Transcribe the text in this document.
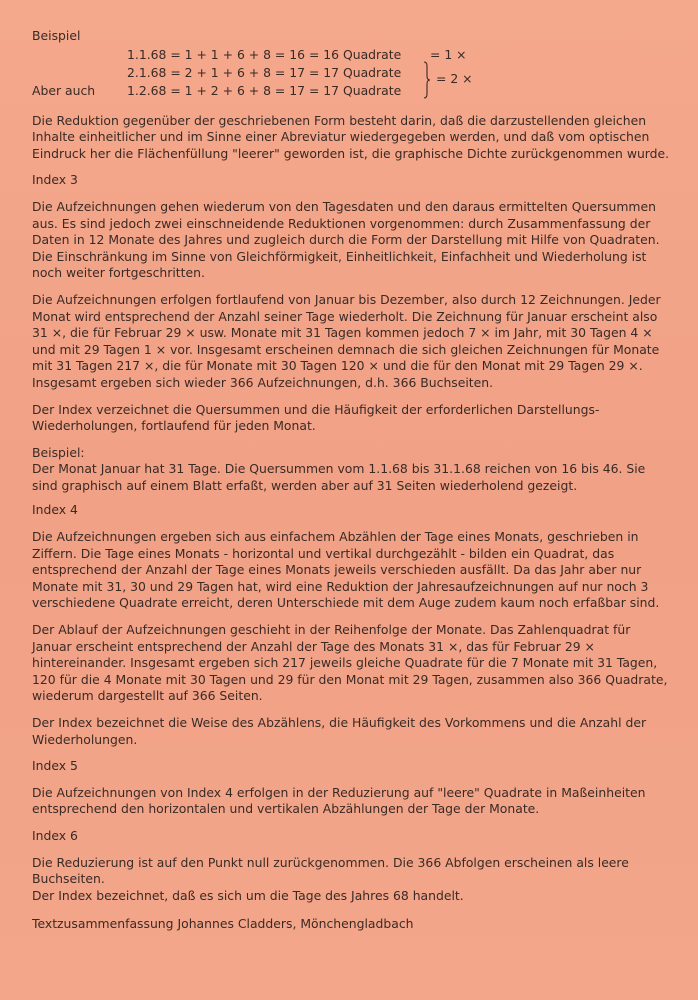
Beispiel

1.1.68 = 1 + 1 + 6 + 8 = 16 = 16 Quadrate
2.1.68 = 2 + 1 + 6 + 8 = 17 = 17 Quadrate
Aber auch	1.2.68 = 1 + 2 + 6 + 8 = 17 = 17 Quadrate
= 1 ×
= 2 ×

Die Reduktion gegenüber der geschriebenen Form besteht darin, daß die darzustellenden gleichen Inhalte einheitlicher und im Sinne einer Abreviatur wiedergegeben werden, und daß vom optischen Eindruck her die Flächenfüllung "leerer" geworden ist, die graphische Dichte zurückgenommen wurde.

Index 3

Die Aufzeichnungen gehen wiederum von den Tagesdaten und den daraus ermittelten Quersummen aus. Es sind jedoch zwei einschneidende Reduktionen vorgenommen: durch Zusammenfassung der Daten in 12 Monate des Jahres und zugleich durch die Form der Darstellung mit Hilfe von Quadraten. Die Einschränkung im Sinne von Gleichförmigkeit, Einheitlichkeit, Einfachheit und Wiederholung ist noch weiter fortgeschritten.

Die Aufzeichnungen erfolgen fortlaufend von Januar bis Dezember, also durch 12 Zeichnungen. Jeder Monat wird entsprechend der Anzahl seiner Tage wiederholt. Die Zeichnung für Januar erscheint also 31 ×, die für Februar 29 × usw. Monate mit 31 Tagen kommen jedoch 7 × im Jahr, mit 30 Tagen 4 × und mit 29 Tagen 1 × vor. Insgesamt erscheinen demnach die sich gleichen Zeichnungen für Monate mit 31 Tagen 217 ×, die für Monate mit 30 Tagen 120 × und die für den Monat mit 29 Tagen 29 ×. Insgesamt ergeben sich wieder 366 Aufzeichnungen, d.h. 366 Buchseiten.

Der Index verzeichnet die Quersummen und die Häufigkeit der erforderlichen Darstellungs-Wiederholungen, fortlaufend für jeden Monat.

Beispiel:

Der Monat Januar hat 31 Tage. Die Quersummen vom 1.1.68 bis 31.1.68 reichen von 16 bis 46. Sie sind graphisch auf einem Blatt erfaßt, werden aber auf 31 Seiten wiederholend gezeigt.

Index 4

Die Aufzeichnungen ergeben sich aus einfachem Abzählen der Tage eines Monats, geschrieben in Ziffern. Die Tage eines Monats - horizontal und vertikal durchgezählt - bilden ein Quadrat, das entsprechend der Anzahl der Tage eines Monats jeweils verschieden ausfällt. Da das Jahr aber nur Monate mit 31, 30 und 29 Tagen hat, wird eine Reduktion der Jahresaufzeichnungen auf nur noch 3 verschiedene Quadrate erreicht, deren Unterschiede mit dem Auge zudem kaum noch erfaßbar sind.

Der Ablauf der Aufzeichnungen geschieht in der Reihenfolge der Monate. Das Zahlenquadrat für Januar erscheint entsprechend der Anzahl der Tage des Monats 31 ×, das für Februar 29 × hintereinander. Insgesamt ergeben sich 217 jeweils gleiche Quadrate für die 7 Monate mit 31 Tagen, 120 für die 4 Monate mit 30 Tagen und 29 für den Monat mit 29 Tagen, zusammen also 366 Quadrate, wiederum dargestellt auf 366 Seiten.

Der Index bezeichnet die Weise des Abzählens, die Häufigkeit des Vorkommens und die Anzahl der Wiederholungen.

Index 5

Die Aufzeichnungen von Index 4 erfolgen in der Reduzierung auf "leere" Quadrate in Maßeinheiten entsprechend den horizontalen und vertikalen Abzählungen der Tage der Monate.

Index 6

Die Reduzierung ist auf den Punkt null zurückgenommen. Die 366 Abfolgen erscheinen als leere Buchseiten.

Der Index bezeichnet, daß es sich um die Tage des Jahres 68 handelt.

Textzusammenfassung Johannes Cladders, Mönchengladbach
